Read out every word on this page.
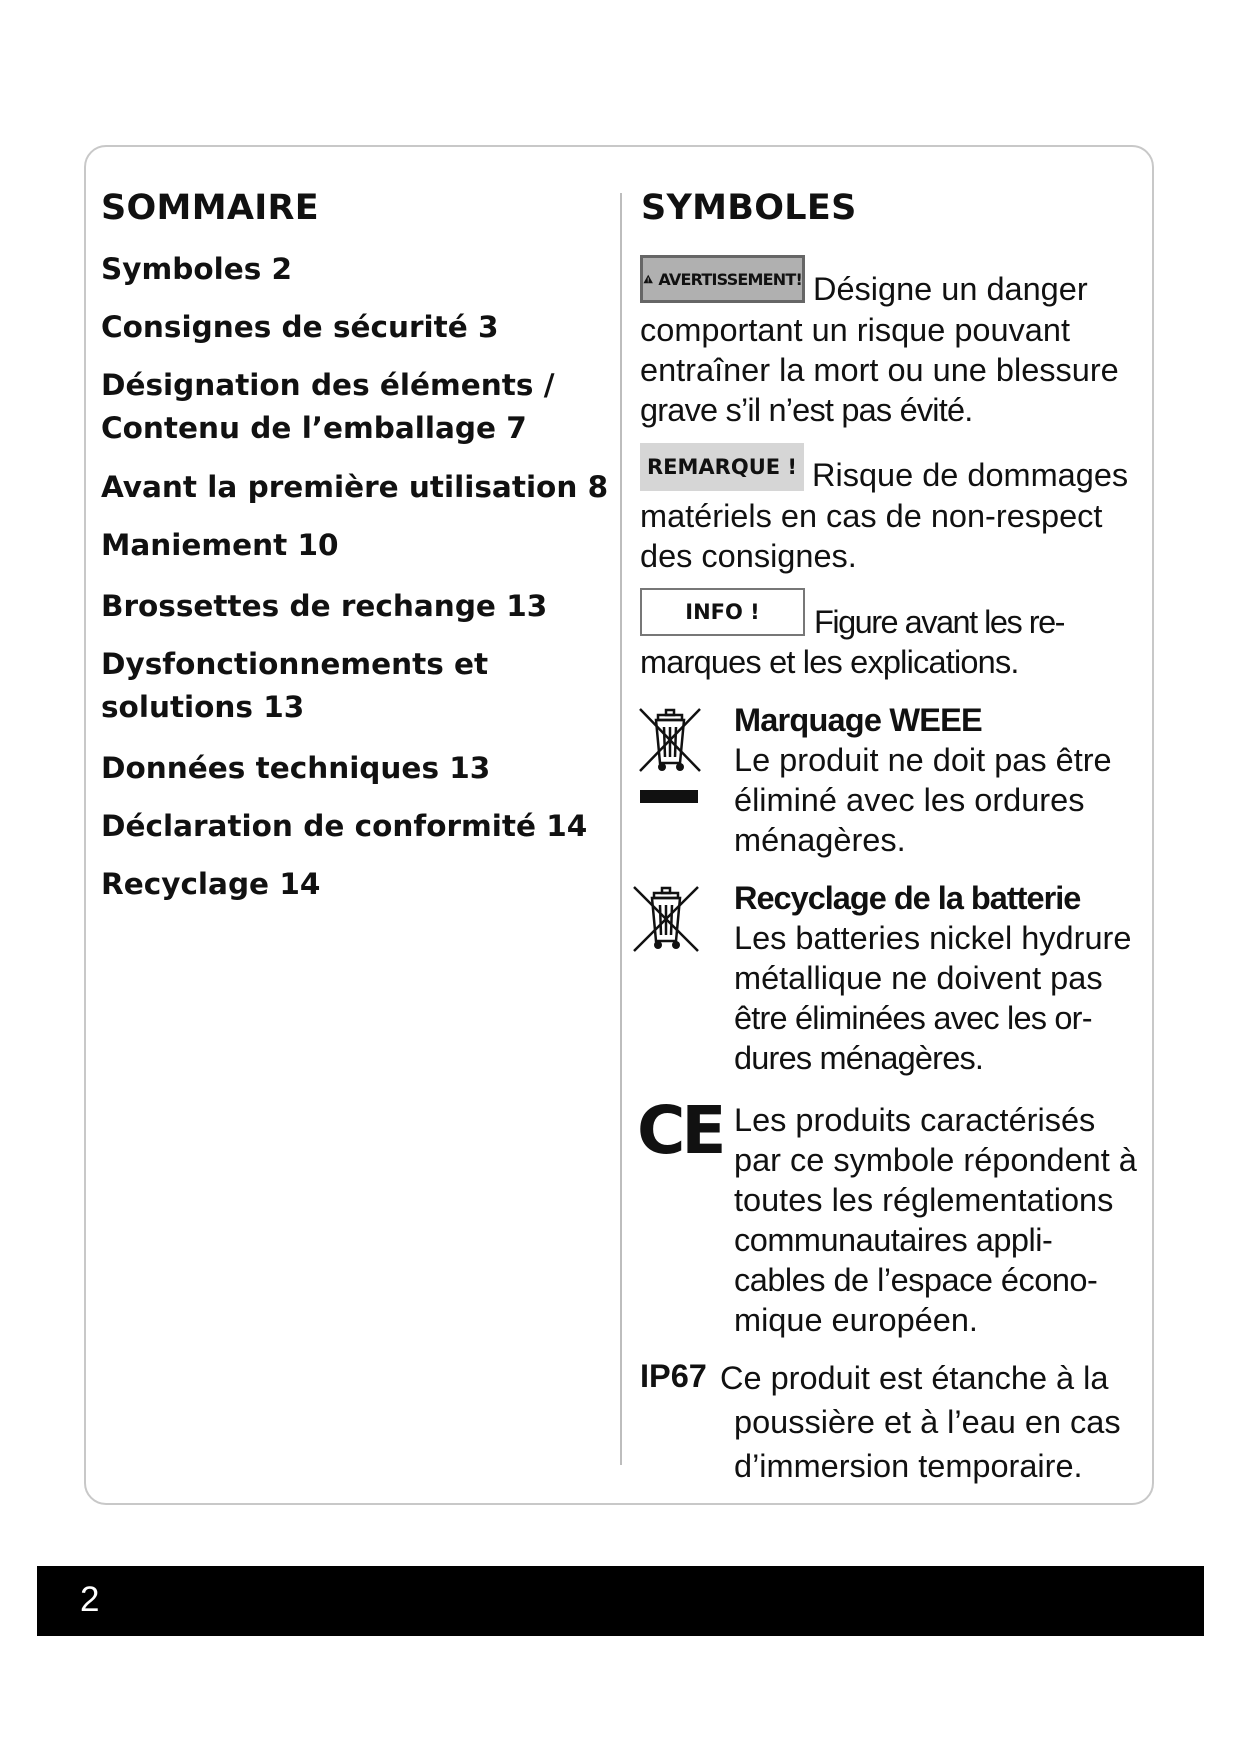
SOMMAIRE
Symboles 2
Consignes de sécurité 3
Désignation des éléments /
Contenu de l’emballage 7
Avant la première utilisation 8
Maniement 10
Brossettes de rechange 13
Dysfonctionnements et
solutions 13
Données techniques 13
Déclaration de conformité 14
Recyclage 14
SYMBOLES
AVERTISSEMENT! Désigne un danger
comportant un risque pouvant
entraîner la mort ou une blessure
grave s’il n’est pas évité.
REMARQUE ! Risque de dommages
matériels en cas de non-respect
des consignes.
INFO !	Figure avant les re-
marques et les explications.
Marquage WEEE
Le produit ne doit pas être
éliminé avec les ordures
ménagères.
Recyclage de la batterie
Les batteries nickel hydrure
métallique ne doivent pas
être éliminées avec les or-
dures ménagères.
CE Les produits caractérisés
par ce symbole répondent à
toutes les réglementations
communautaires appli-
cables de l’espace écono-
mique européen.
IP67 Ce produit est étanche à la
poussière et à l’eau en cas
d’immersion temporaire.
2
